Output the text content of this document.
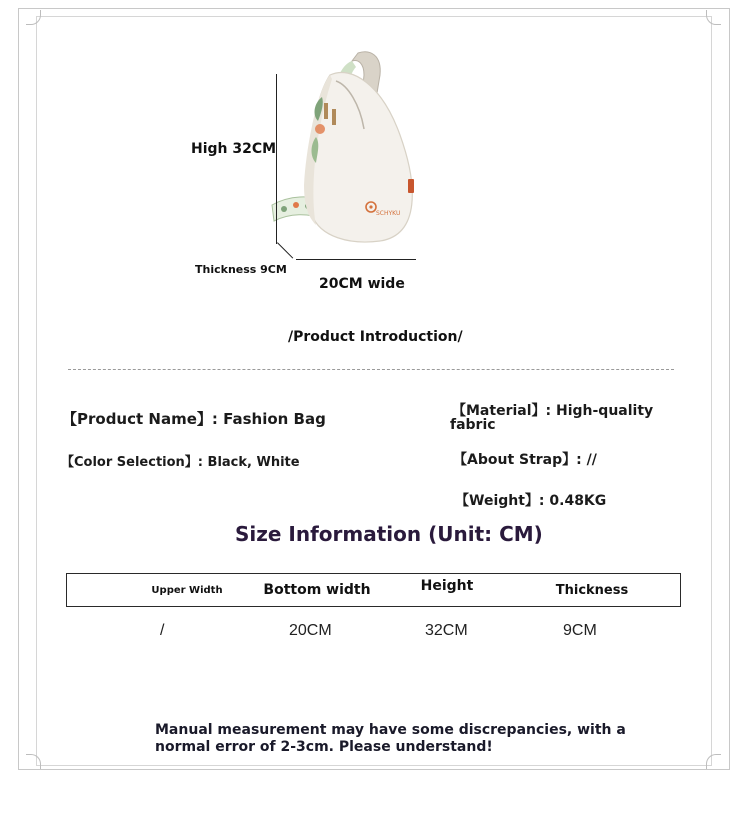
SCHYKU
High 32CM
Thickness 9CM
20CM wide
/Product Introduction/
【Product Name】: Fashion Bag
【Color Selection】: Black, White
【Material】: High-quality
fabric
【About Strap】: //
【Weight】: 0.48KG
Size Information (Unit: CM)
Upper Width	Bottom width	Height	Thickness
/	20CM	32CM	9CM
Manual measurement may have some discrepancies, with a
normal error of 2-3cm. Please understand!
